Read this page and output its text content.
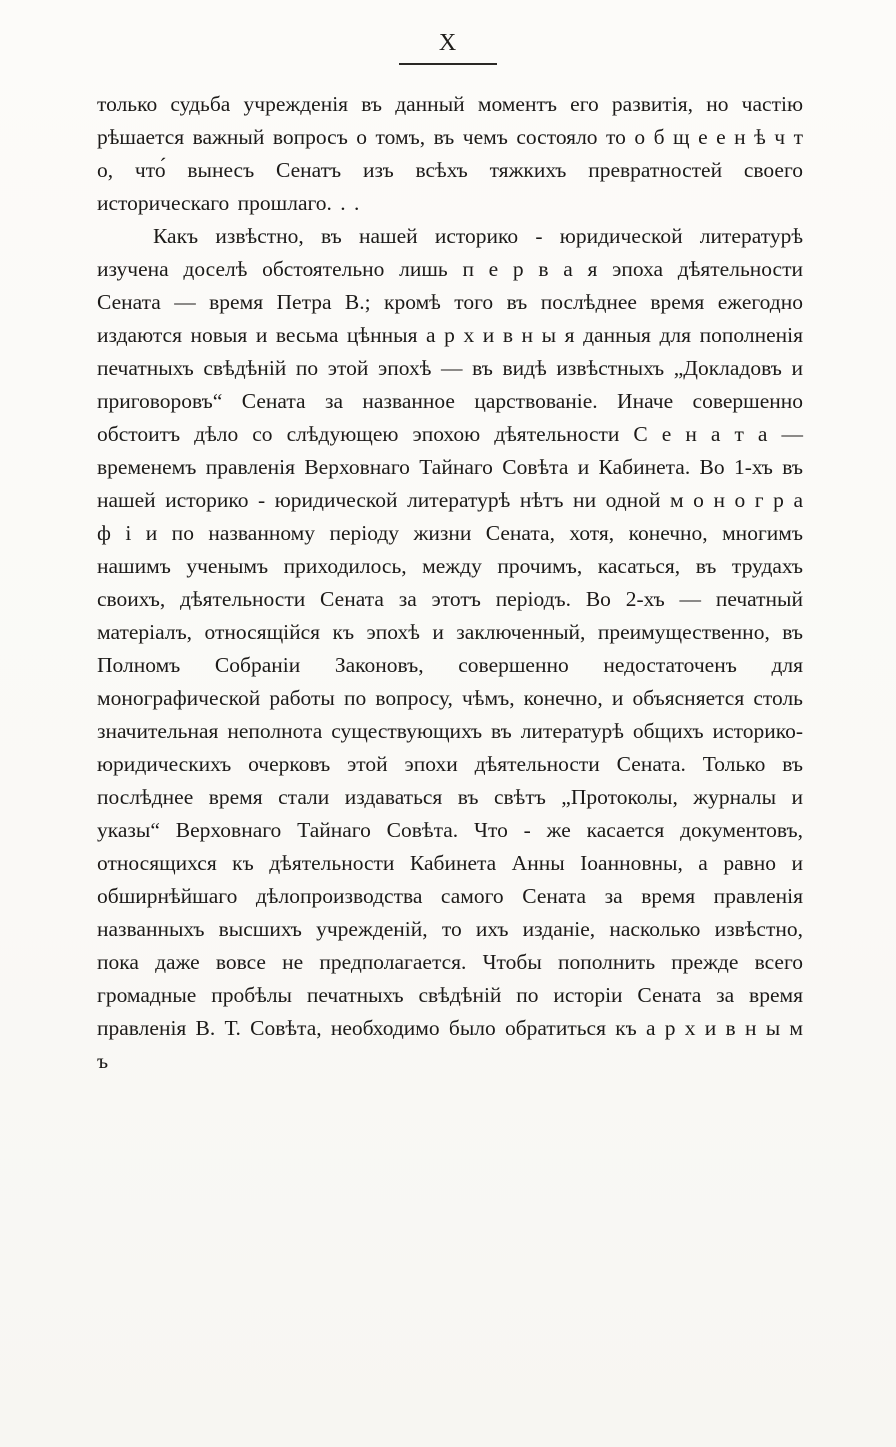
X

только судьба учрежденія въ данный моментъ его развитія, но частію рѣшается важный вопросъ о томъ, въ чемъ состояло то о б щ е е н ѣ ч т о, что́ вынесъ Сенатъ изъ всѣхъ тяжкихъ превратностей своего историческаго прошлаго. . .

Какъ извѣстно, въ нашей историко - юридической литературѣ изучена доселѣ обстоятельно лишь п е р в а я эпоха дѣятельности Сената — время Петра В.; кромѣ того въ послѣднее время ежегодно издаются новыя и весьма цѣнныя а р х и в н ы я данныя для пополненія печатныхъ свѣдѣній по этой эпохѣ — въ видѣ извѣстныхъ „Докладовъ и приговоровъ“ Сената за названное царствованіе. Иначе совершенно обстоитъ дѣло со слѣдующею эпохою дѣятельности С е н а т а — временемъ правленія Верховнаго Тайнаго Совѣта и Кабинета. Во 1-хъ въ нашей историко - юридической литературѣ нѣтъ ни одной м о н о г р а ф і и по названному періоду жизни Сената, хотя, конечно, многимъ нашимъ ученымъ приходилось, между прочимъ, касаться, въ трудахъ своихъ, дѣятельности Сената за этотъ періодъ. Во 2-хъ — печатный матеріалъ, относящійся къ эпохѣ и заключенный, преимущественно, въ Полномъ Собраніи Законовъ, совершенно недостаточенъ для монографической работы по вопросу, чѣмъ, конечно, и объясняется столь значительная неполнота существующихъ въ литературѣ общихъ историко-юридическихъ очерковъ этой эпохи дѣятельности Сената. Только въ послѣднее время стали издаваться въ свѣтъ „Протоколы, журналы и указы“ Верховнаго Тайнаго Совѣта. Что - же касается документовъ, относящихся къ дѣятельности Кабинета Анны Іоанновны, а равно и обширнѣйшаго дѣлопроизводства самого Сената за время правленія названныхъ высшихъ учрежденій, то ихъ изданіе, насколько извѣстно, пока даже вовсе не предполагается. Чтобы пополнить прежде всего громадные пробѣлы печатныхъ свѣдѣній по исторіи Сената за время правленія В. Т. Совѣта, необходимо было обратиться къ а р х и в н ы м ъ
